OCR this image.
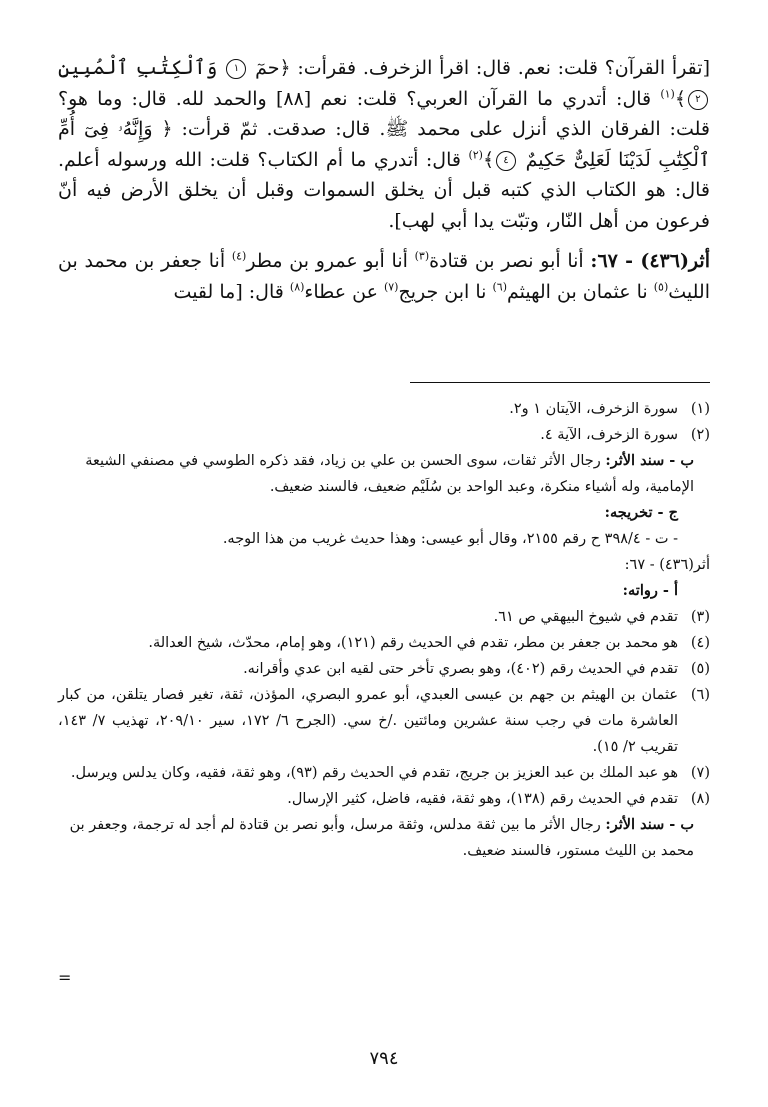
[تقرأ القرآن؟ قلت: نعم. قال: اقرأ الزخرف. فقرأت: ﴿حمٓ ١ وَٱلْكِتَٰبِ ٱلْمُبِينِ ٢﴾$^{(١)}$ قال: أتدري ما القرآن العربي؟ قلت: نعم [٨٨] والحمد لله. قال: وما هو؟ قلت: الفرقان الذي أنزل على محمد ﷺ. قال: صدقت. ثمّ قرأت: ﴿ وَإِنَّهُۥ فِىٓ أُمِّ ٱلْكِتَٰبِ لَدَيْنَا لَعَلِىٌّ حَكِيمٌ ٤﴾$^{(٢)}$ قال: أتدري ما أم الكتاب؟ قلت: الله ورسوله أعلم. قال: هو الكتاب الذي كتبه قبل أن يخلق السموات وقبل أن يخلق الأرض فيه أنّ فرعون من أهل النّار، وتبّت يدا أبي لهب].

أثر(٤٣٦) - ٦٧: أنا أبو نصر بن قتادة$^{(٣)}$ أنا أبو عمرو بن مطر$^{(٤)}$ أنا جعفر بن محمد بن الليث$^{(٥)}$ نا عثمان بن الهيثم$^{(٦)}$ نا ابن جريج$^{(٧)}$ عن عطاء$^{(٨)}$ قال: [ما لقيت

(١)
سورة الزخرف، الآيتان ١ و٢.
(٢)
سورة الزخرف، الآية ٤.
ب - سند الأثر: رجال الأثر ثقات، سوى الحسن بن علي بن زياد، فقد ذكره الطوسي في مصنفي الشيعة الإمامية، وله أشياء منكرة، وعبد الواحد بن سُلَيْم ضعيف، فالسند ضعيف.
ج - تخريجه:
- ت - ٣٩٨/٤ ح رقم ٢١٥٥، وقال أبو عيسى: وهذا حديث غريب من هذا الوجه.
أثر(٤٣٦) - ٦٧:
أ - رواته:
(٣)
تقدم في شيوخ البيهقي ص ٦١.
(٤)
هو محمد بن جعفر بن مطر، تقدم في الحديث رقم (١٢١)، وهو إمام، محدّث، شيخ العدالة.
(٥)
تقدم في الحديث رقم (٤٠٢)، وهو بصري تأخر حتى لقيه ابن عدي وأقرانه.
(٦)
عثمان بن الهيثم بن جهم بن عيسى العبدي، أبو عمرو البصري، المؤذن، ثقة، تغير فصار يتلقن، من كبار العاشرة مات في رجب سنة عشرين ومائتين ./خ سي. (الجرح ٦/ ١٧٢، سير ٢٠٩/١٠، تهذيب ٧/ ١٤٣، تقريب ٢/ ١٥).
(٧)
هو عبد الملك بن عبد العزيز بن جريج، تقدم في الحديث رقم (٩٣)، وهو ثقة، فقيه، وكان يدلس ويرسل.
(٨)
تقدم في الحديث رقم (١٣٨)، وهو ثقة، فقيه، فاضل، كثير الإرسال.
ب - سند الأثر: رجال الأثر ما بين ثقة مدلس، وثقة مرسل، وأبو نصر بن قتادة لم أجد له ترجمة، وجعفر بن محمد بن الليث مستور، فالسند ضعيف.
=
٧٩٤
